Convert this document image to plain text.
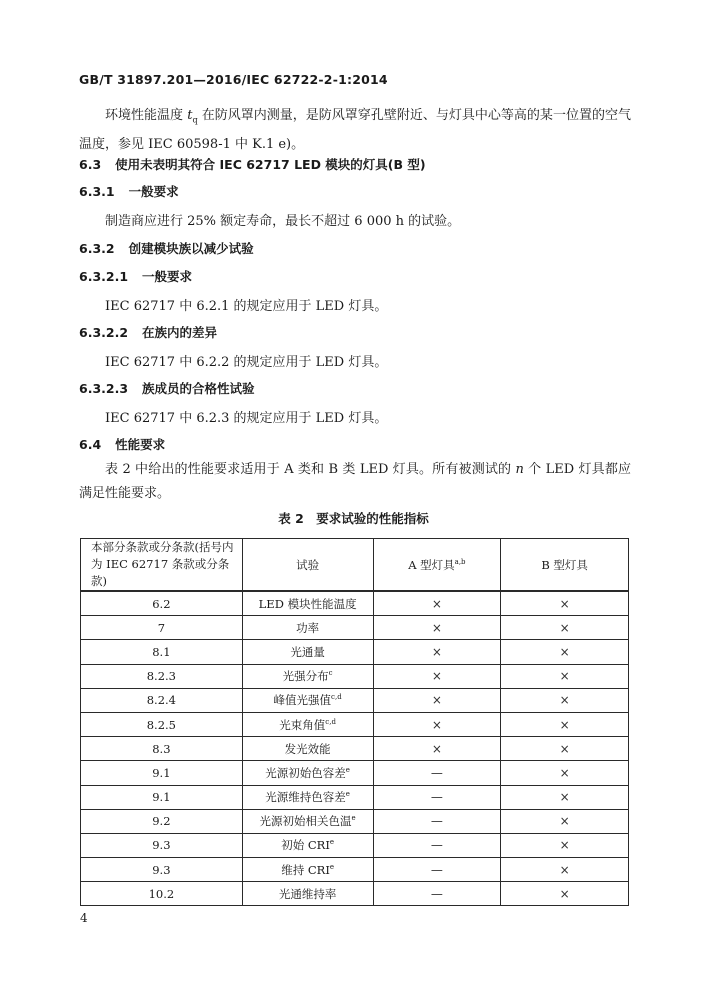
GB/T 31897.201—2016/IEC 62722-2-1:2014
环境性能温度 $t_q$ 在防风罩内测量，是防风罩穿孔壁附近、与灯具中心等高的某一位置的空气温度，参见 IEC 60598-1 中 K.1 e)。
6.3 使用未表明其符合 IEC 62717 LED 模块的灯具(B 型)
6.3.1 一般要求
制造商应进行 25% 额定寿命，最长不超过 6 000 h 的试验。
6.3.2 创建模块族以减少试验
6.3.2.1 一般要求
IEC 62717 中 6.2.1 的规定应用于 LED 灯具。
6.3.2.2 在族内的差异
IEC 62717 中 6.2.2 的规定应用于 LED 灯具。
6.3.2.3 族成员的合格性试验
IEC 62717 中 6.2.3 的规定应用于 LED 灯具。
6.4 性能要求
表 2 中给出的性能要求适用于 A 类和 B 类 LED 灯具。所有被测试的 n 个 LED 灯具都应满足性能要求。
表 2　要求试验的性能指标
本部分条款或分条款(括号内为 IEC 62717 条款或分条款)	试验	A 型灯具$^{a,b}$	B 型灯具
6.2	LED 模块性能温度	×	×
7	功率	×	×
8.1	光通量	×	×
8.2.3	光强分布$^c$	×	×
8.2.4	峰值光强值$^{c,d}$	×	×
8.2.5	光束角值$^{c,d}$	×	×
8.3	发光效能	×	×
9.1	光源初始色容差$^e$	—	×
9.1	光源维持色容差$^e$	—	×
9.2	光源初始相关色温$^e$	—	×
9.3	初始 CRI$^e$	—	×
9.3	维持 CRI$^e$	—	×
10.2	光通维持率	—	×
4
